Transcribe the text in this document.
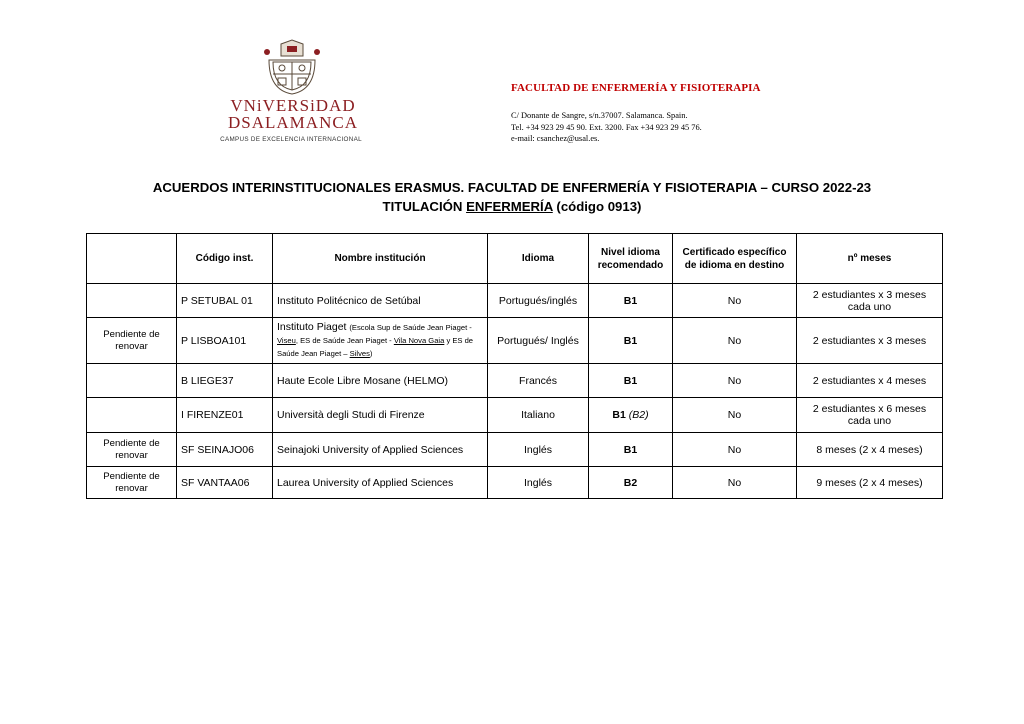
VNiVERSiDAD
DSALAMANCA
CAMPUS DE EXCELENCIA INTERNACIONAL
FACULTAD DE ENFERMERÍA Y FISIOTERAPIA
C/ Donante de Sangre, s/n.37007. Salamanca. Spain.
Tel. +34 923 29 45 90. Ext. 3200. Fax +34 923 29 45 76.
e-mail: csanchez@usal.es.
ACUERDOS INTERINSTITUCIONALES ERASMUS. FACULTAD DE ENFERMERÍA Y FISIOTERAPIA – CURSO 2022-23
TITULACIÓN ENFERMERÍA (código 0913)
	Código inst.	Nombre institución	Idioma	Nivel idioma recomendado	Certificado específico de idioma en destino	nº meses
	P SETUBAL 01	Instituto Politécnico de Setúbal	Portugués/inglés	B1	No	2 estudiantes x 3 meses cada uno
Pendiente de renovar	P LISBOA101	Instituto Piaget (Escola Sup de Saúde Jean Piaget - Viseu, ES de Saúde Jean Piaget - Vila Nova Gaia y ES de Saúde Jean Piaget – Silves)	Portugués/ Inglés	B1	No	2 estudiantes x 3 meses
	B LIEGE37	Haute Ecole Libre Mosane (HELMO)	Francés	B1	No	2 estudiantes x 4 meses
	I FIRENZE01	Università degli Studi di Firenze	Italiano	B1 (B2)	No	2 estudiantes x 6 meses cada uno
Pendiente de renovar	SF SEINAJO06	Seinajoki University of Applied Sciences	Inglés	B1	No	8 meses (2 x 4 meses)
Pendiente de renovar	SF VANTAA06	Laurea University of Applied Sciences	Inglés	B2	No	9 meses (2 x 4 meses)
